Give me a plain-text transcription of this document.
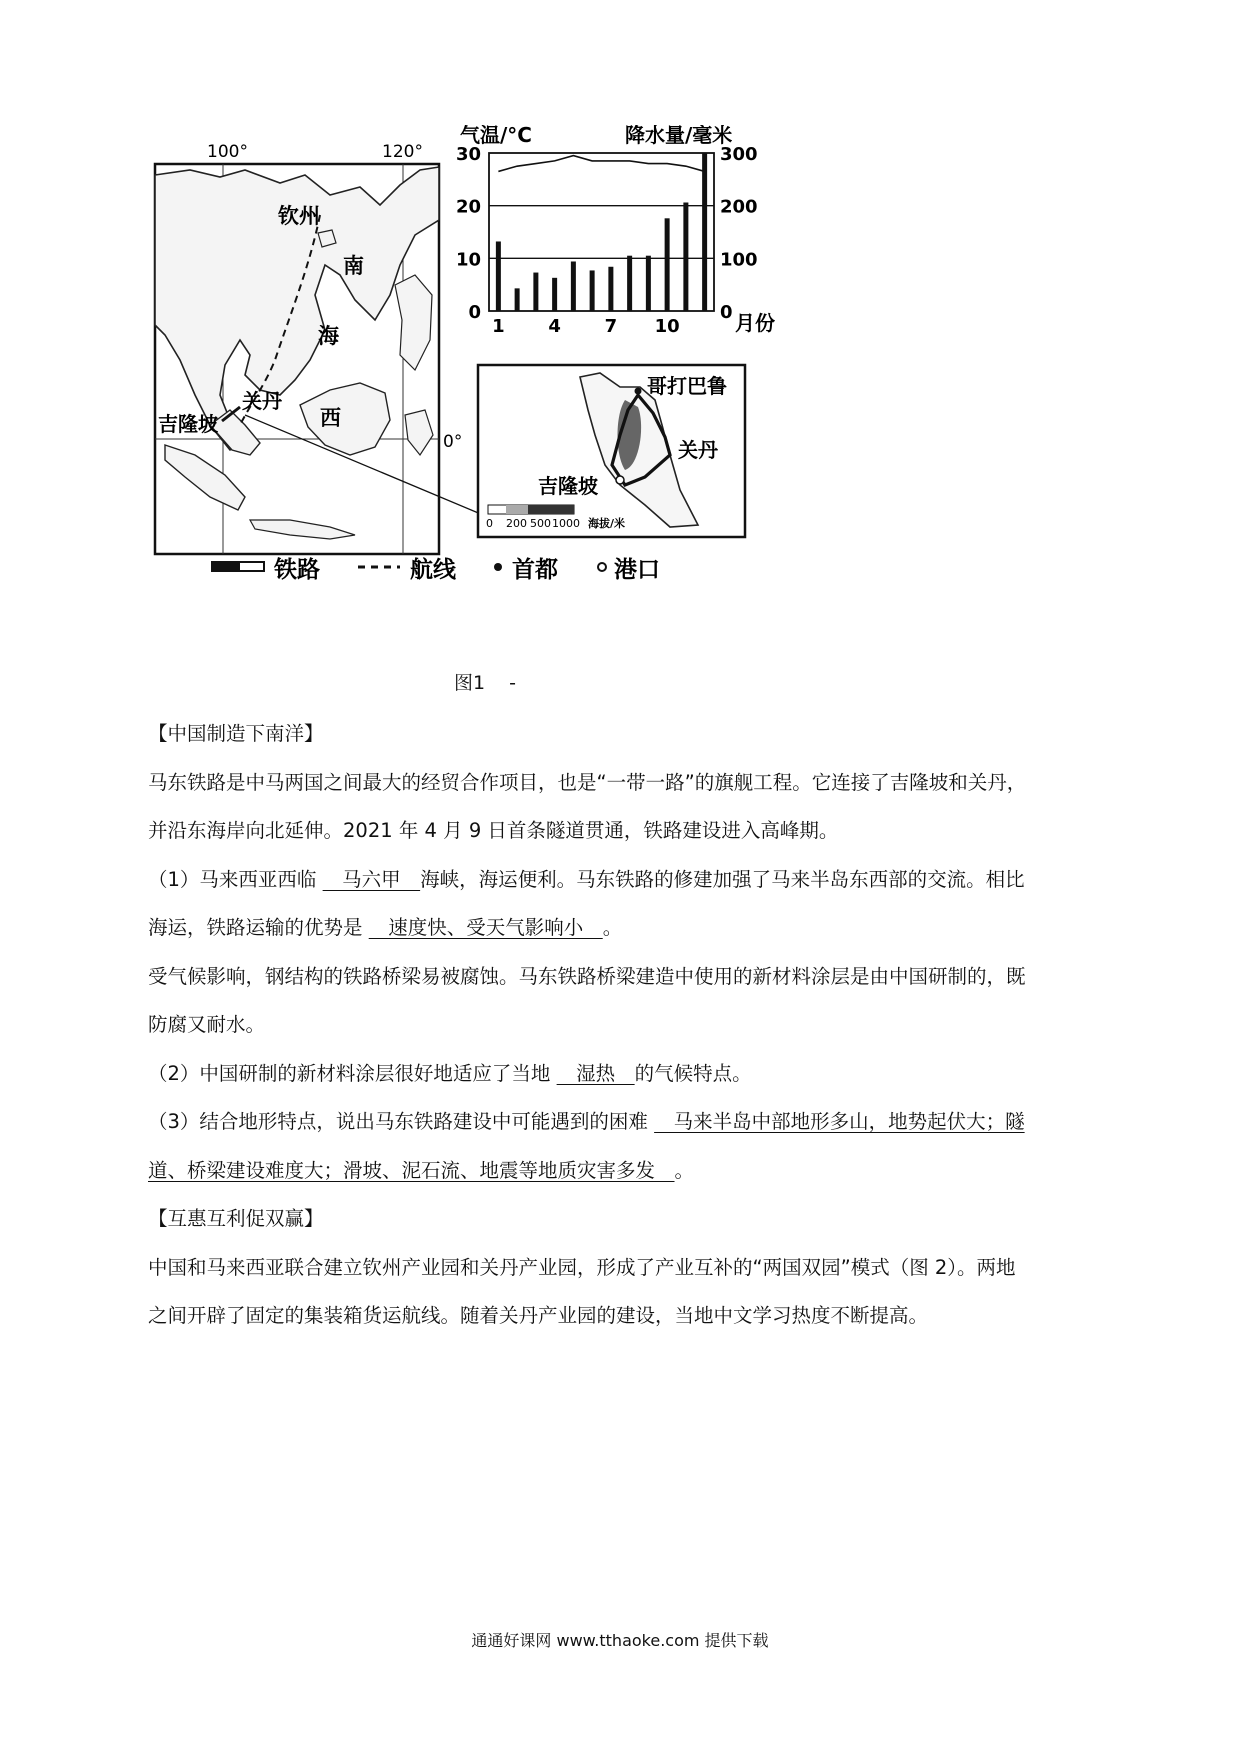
100°	120°
0°
钦州
南
海
西
关丹
吉隆坡
气温/°C	降水量/毫米
0
10
20
30
0
100
200
300
1 4 7 10	月份
哥打巴鲁
关丹
吉隆坡
0 200 500 1000 海拔/米
铁路	航线 首都 港口
图1 -

【中国制造下南洋】

马东铁路是中马两国之间最大的经贸合作项目，也是“一带一路”的旗舰工程。它连接了吉隆坡和关丹，

并沿东海岸向北延伸。2021 年 4 月 9 日首条隧道贯通，铁路建设进入高峰期。

（1）马来西亚西临 　马六甲　海峡，海运便利。马东铁路的修建加强了马来半岛东西部的交流。相比

海运，铁路运输的优势是 　速度快、受天气影响小　。

受气候影响，钢结构的铁路桥梁易被腐蚀。马东铁路桥梁建造中使用的新材料涂层是由中国研制的，既

防腐又耐水。

（2）中国研制的新材料涂层很好地适应了当地 　湿热　的气候特点。

（3）结合地形特点，说出马东铁路建设中可能遇到的困难 　马来半岛中部地形多山，地势起伏大；隧

道、桥梁建设难度大；滑坡、泥石流、地震等地质灾害多发　。

【互惠互利促双赢】

中国和马来西亚联合建立钦州产业园和关丹产业园，形成了产业互补的“两国双园”模式（图 2）。两地

之间开辟了固定的集装箱货运航线。随着关丹产业园的建设，当地中文学习热度不断提高。

通通好课网 www.tthaoke.com 提供下载
